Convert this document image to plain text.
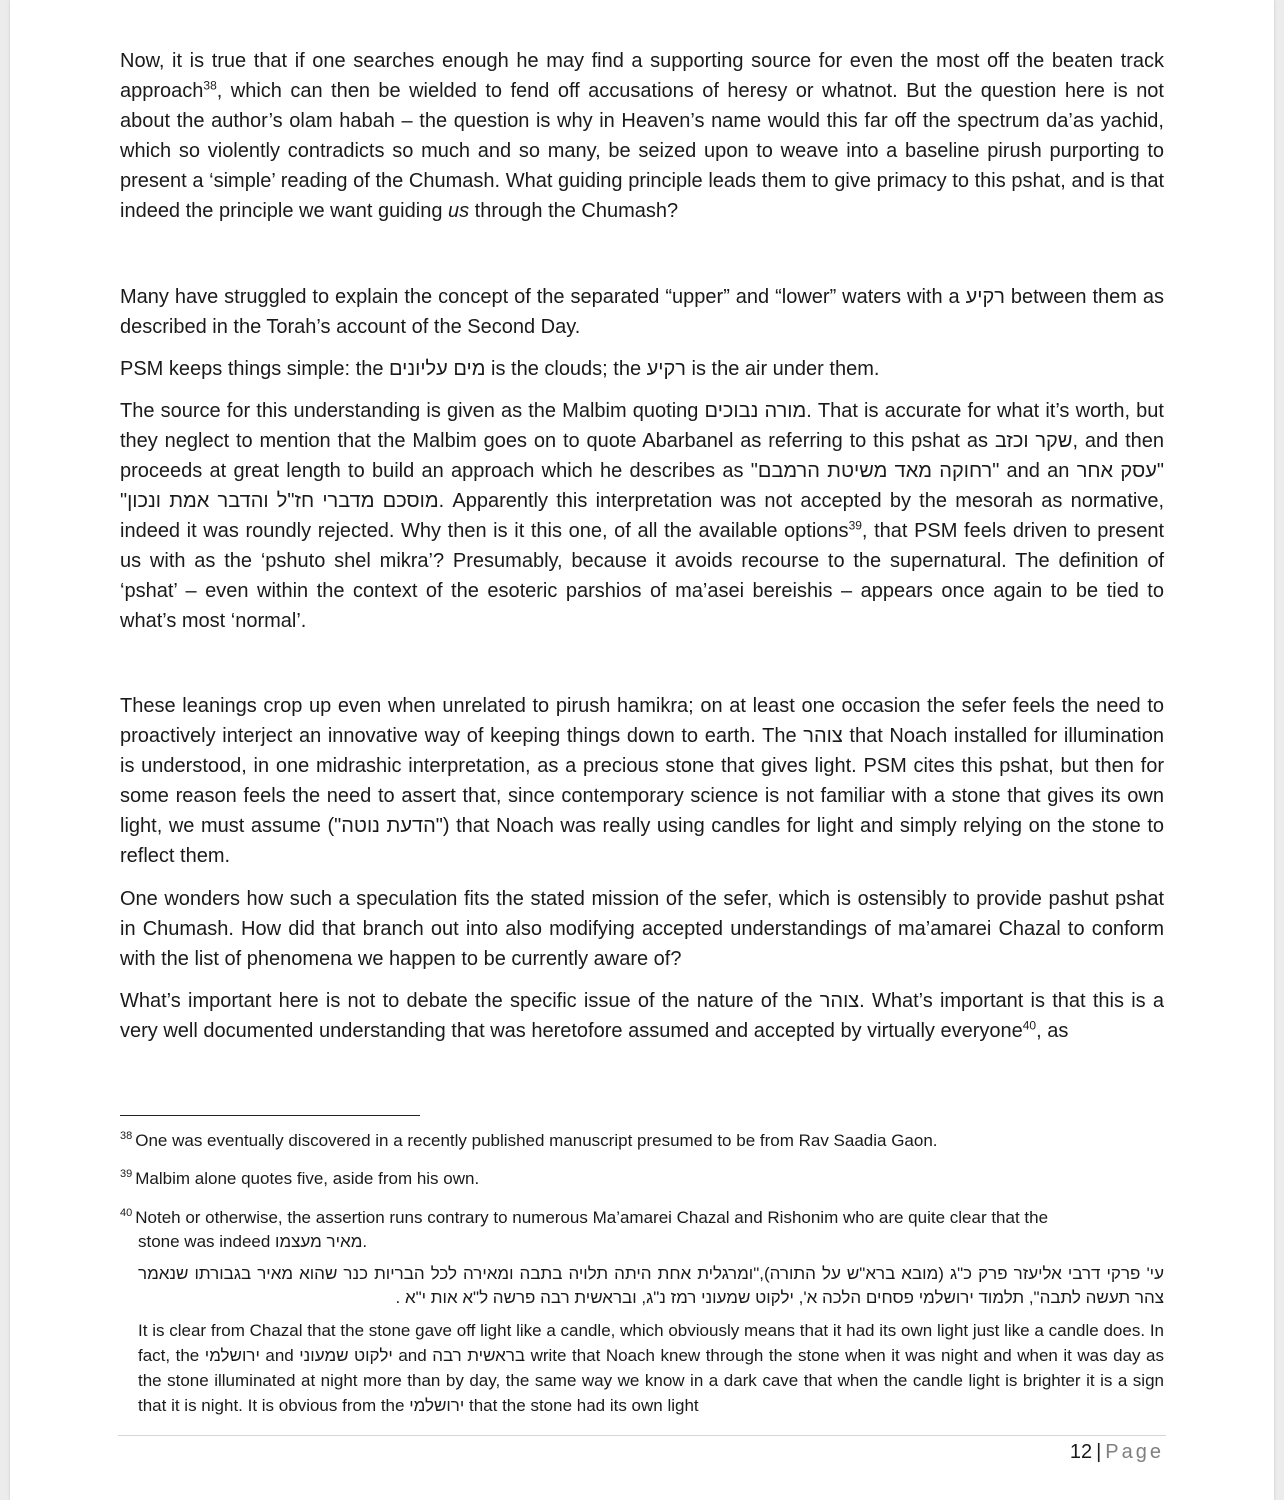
Now, it is true that if one searches enough he may find a supporting source for even the most off the beaten track approach$^{38}$, which can then be wielded to fend off accusations of heresy or whatnot. But the question here is not about the author’s olam habah – the question is why in Heaven’s name would this far off the spectrum da’as yachid, which so violently contradicts so much and so many, be seized upon to weave into a baseline pirush purporting to present a ‘simple’ reading of the Chumash. What guiding principle leads them to give primacy to this pshat, and is that indeed the principle we want guiding us through the Chumash?

Many have struggled to explain the concept of the separated “upper” and “lower” waters with a רקיע between them as described in the Torah’s account of the Second Day.

PSM keeps things simple: the מים עליונים is the clouds; the רקיע is the air under them.

The source for this understanding is given as the Malbim quoting מורה נבוכים. That is accurate for what it’s worth, but they neglect to mention that the Malbim goes on to quote Abarbanel as referring to this pshat as שקר וכזב, and then proceeds at great length to build an approach which he describes as "רחוקה מאד משיטת הרמבם" and an "עסק אחר מוסכם מדברי חז"ל והדבר אמת ונכון". Apparently this interpretation was not accepted by the mesorah as normative, indeed it was roundly rejected. Why then is it this one, of all the available options$^{39}$, that PSM feels driven to present us with as the ‘pshuto shel mikra’? Presumably, because it avoids recourse to the supernatural. The definition of ‘pshat’ – even within the context of the esoteric parshios of ma’asei bereishis – appears once again to be tied to what’s most ‘normal’.

These leanings crop up even when unrelated to pirush hamikra; on at least one occasion the sefer feels the need to proactively interject an innovative way of keeping things down to earth. The צוהר that Noach installed for illumination is understood, in one midrashic interpretation, as a precious stone that gives light. PSM cites this pshat, but then for some reason feels the need to assert that, since contemporary science is not familiar with a stone that gives its own light, we must assume ("הדעת נוטה") that Noach was really using candles for light and simply relying on the stone to reflect them.

One wonders how such a speculation fits the stated mission of the sefer, which is ostensibly to provide pashut pshat in Chumash. How did that branch out into also modifying accepted understandings of ma’amarei Chazal to conform with the list of phenomena we happen to be currently aware of?

What’s important here is not to debate the specific issue of the nature of the צוהר. What’s important is that this is a very well documented understanding that was heretofore assumed and accepted by virtually everyone$^{40}$, as

$^{38}$ One was eventually discovered in a recently published manuscript presumed to be from Rav Saadia Gaon.
$^{39}$ Malbim alone quotes five, aside from his own.
$^{40}$ Noteh or otherwise, the assertion runs contrary to numerous Ma’amarei Chazal and Rishonim who are quite clear that the
stone was indeed מאיר מעצמו.
עי' פרקי דרבי אליעזר פרק כ"ג (מובא ברא"ש על התורה),"ומרגלית אחת היתה תלויה בתבה ומאירה לכל הבריות כנר שהוא מאיר בגבורתו שנאמר צהר תעשה לתבה", תלמוד ירושלמי פסחים הלכה א', ילקוט שמעוני רמז נ"ג, ובראשית רבה פרשה ל"א אות י"א .
It is clear from Chazal that the stone gave off light like a candle, which obviously means that it had its own light just like a candle does. In fact, the ירושלמי and ילקוט שמעוני and בראשית רבה write that Noach knew through the stone when it was night and when it was day as the stone illuminated at night more than by day, the same way we know in a dark cave that when the candle light is brighter it is a sign that it is night. It is obvious from the ירושלמי that the stone had its own light
12 | Page
